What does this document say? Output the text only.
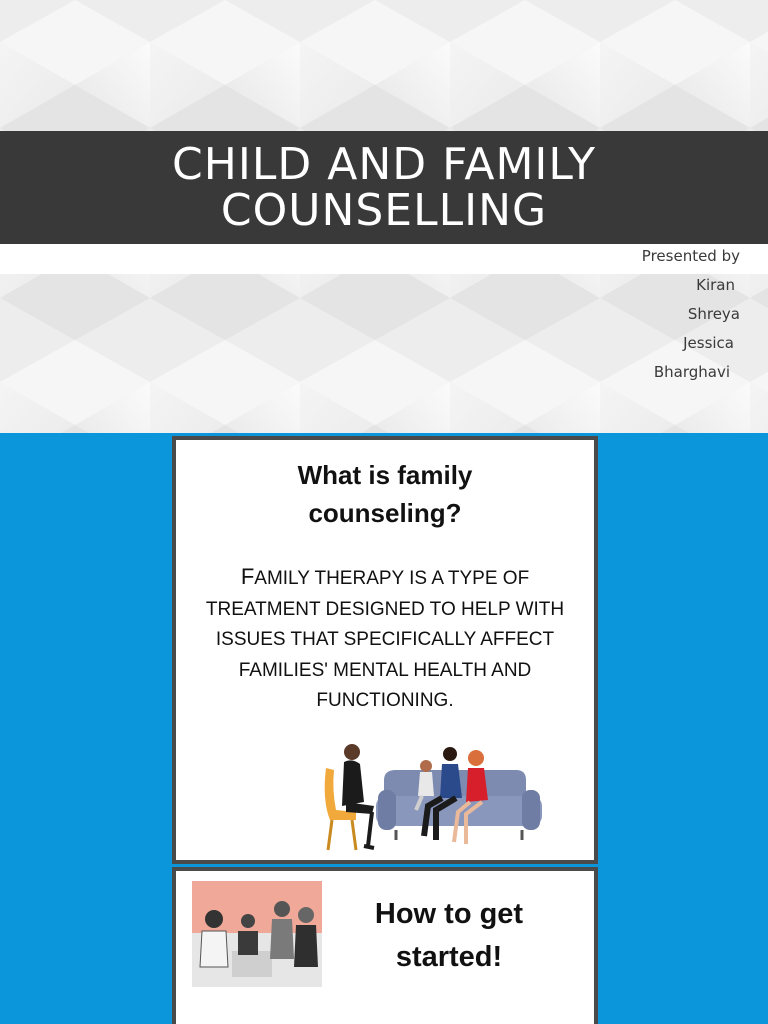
CHILD AND FAMILY COUNSELLING
Presented by
Kiran
Shreya
Jessica
Bharghavi
What is family
counseling?
FAMILY THERAPY IS A TYPE OF TREATMENT DESIGNED TO HELP WITH ISSUES THAT SPECIFICALLY AFFECT FAMILIES' MENTAL HEALTH AND FUNCTIONING.
How to get
started!
